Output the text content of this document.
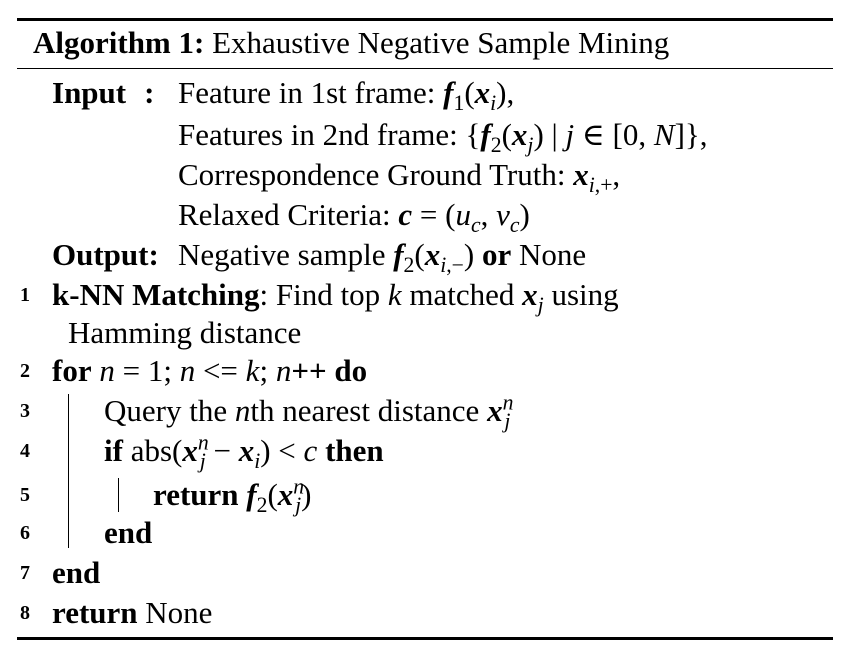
Algorithm 1: Exhaustive Negative Sample Mining
Input : Feature in 1st frame: $f_1(x_i)$,
Features in 2nd frame: {$f_2(x_j)$ | j ∈ [0, N]},
Correspondence Ground Truth: $x_{i,+}$,
Relaxed Criteria: $c = (u_c$, $v_c$)
Output: Negative sample $f_2(x_{i,-})$ or None
1 k-NN Matching: Find top k matched $x_j$ using
Hamming distance
2 for n = 1; n <= k; n++ do
3	Query the nth nearest distance $x^n_j$
4	if $abs(x^n_j - x_i) < c$ then
5	return $f_2(x^n_j)$
6	end
7 end
8 return None
